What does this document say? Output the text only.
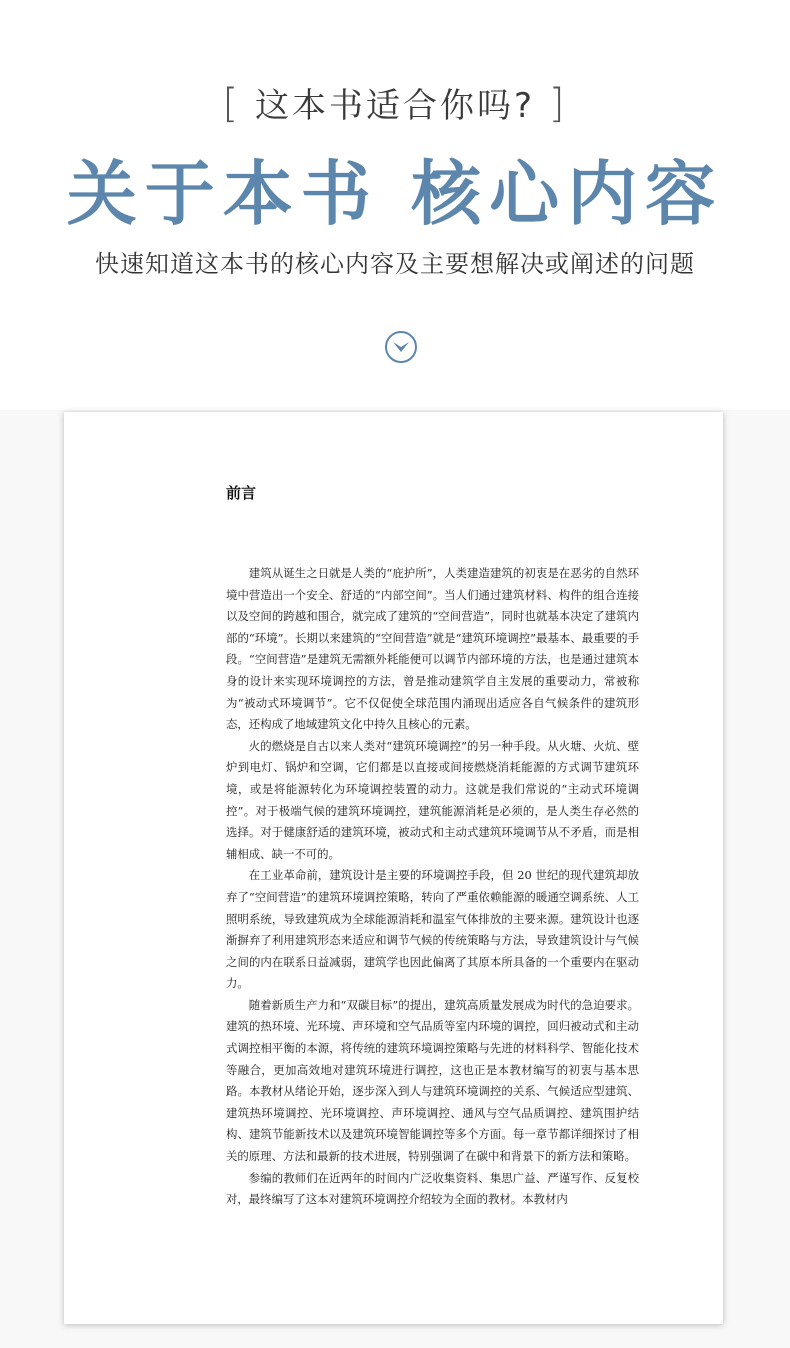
[ 这本书适合你吗? ]
关于本书 核心内容
快速知道这本书的核心内容及主要想解决或阐述的问题
前言

建筑从诞生之日就是人类的“庇护所”，人类建造建筑的初衷是在恶劣的自然环境中营造出一个安全、舒适的“内部空间”。当人们通过建筑材料、构件的组合连接以及空间的跨越和围合，就完成了建筑的“空间营造”，同时也就基本决定了建筑内部的“环境”。长期以来建筑的“空间营造”就是“建筑环境调控”最基本、最重要的手段。“空间营造”是建筑无需额外耗能便可以调节内部环境的方法，也是通过建筑本身的设计来实现环境调控的方法，曾是推动建筑学自主发展的重要动力，常被称为“被动式环境调节”。它不仅促使全球范围内涌现出适应各自气候条件的建筑形态，还构成了地域建筑文化中持久且核心的元素。

火的燃烧是自古以来人类对“建筑环境调控”的另一种手段。从火塘、火炕、壁炉到电灯、锅炉和空调，它们都是以直接或间接燃烧消耗能源的方式调节建筑环境，或是将能源转化为环境调控装置的动力。这就是我们常说的“主动式环境调控”。对于极端气候的建筑环境调控，建筑能源消耗是必须的，是人类生存必然的选择。对于健康舒适的建筑环境，被动式和主动式建筑环境调节从不矛盾，而是相辅相成、缺一不可的。

在工业革命前，建筑设计是主要的环境调控手段，但 20 世纪的现代建筑却放弃了“空间营造”的建筑环境调控策略，转向了严重依赖能源的暖通空调系统、人工照明系统，导致建筑成为全球能源消耗和温室气体排放的主要来源。建筑设计也逐渐摒弃了利用建筑形态来适应和调节气候的传统策略与方法，导致建筑设计与气候之间的内在联系日益减弱，建筑学也因此偏离了其原本所具备的一个重要内在驱动力。

随着新质生产力和“双碳目标”的提出，建筑高质量发展成为时代的急迫要求。建筑的热环境、光环境、声环境和空气品质等室内环境的调控，回归被动式和主动式调控相平衡的本源，将传统的建筑环境调控策略与先进的材料科学、智能化技术等融合，更加高效地对建筑环境进行调控，这也正是本教材编写的初衷与基本思路。本教材从绪论开始，逐步深入到人与建筑环境调控的关系、气候适应型建筑、建筑热环境调控、光环境调控、声环境调控、通风与空气品质调控、建筑围护结构、建筑节能新技术以及建筑环境智能调控等多个方面。每一章节都详细探讨了相关的原理、方法和最新的技术进展，特别强调了在碳中和背景下的新方法和策略。

参编的教师们在近两年的时间内广泛收集资料、集思广益、严谨写作、反复校对，最终编写了这本对建筑环境调控介绍较为全面的教材。本教材内
